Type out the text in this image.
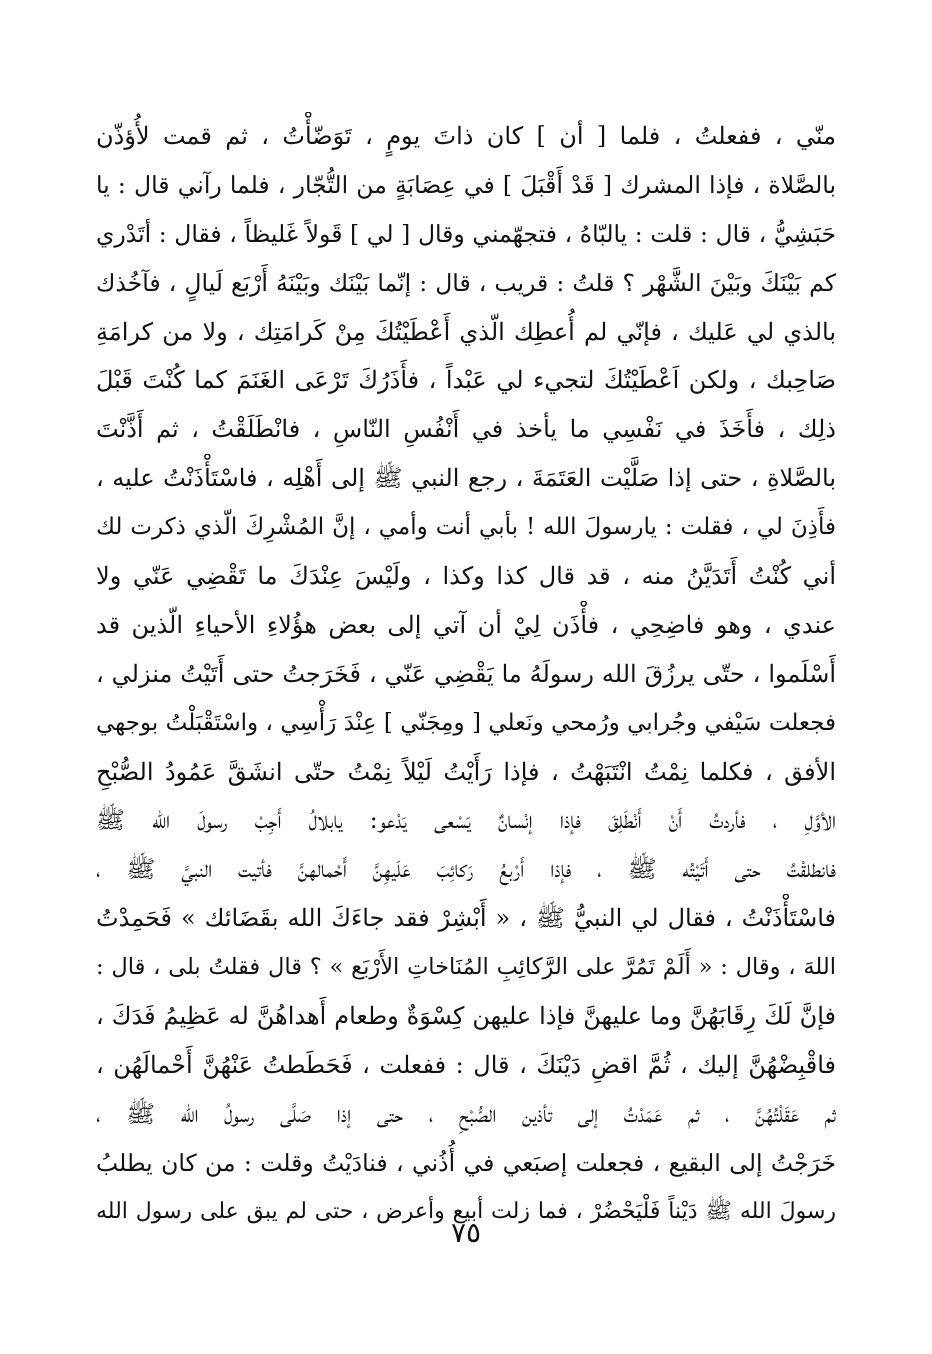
منّي ، ففعلتُ ، فلما [ أن ] كان ذاتَ يومٍ ، تَوَضّأْتُ ، ثم قمت لأُؤذّن
بالصَّلاة ، فإذا المشرك [ قَدْ أَقْبَلَ ] في عِصَابَةٍ من التُّجّار ، فلما رآني قال : يا
حَبَشِيُّ ، قال : قلت : يالبّاهُ ، فتجهّمني وقال [ لي ] قَولاً غَليظاً ، فقال : أتَدْري
كم بَيْنَكَ وبَيْنَ الشَّهْر ؟ قلتُ : قريب ، قال : إنّما بَيْنَك وبَيْنَهُ أَرْبَع لَيالٍ ، فآخُذك
بالذي لي عَليك ، فإنّي لم أُعطِك الّذي أَعْطَيْتُكَ مِنْ كَرامَتِك ، ولا من كرامَةِ
صَاحِبك ، ولكن اَعْطَيْتُكَ لتجيء لي عَبْداً ، فأَذَرُكَ تَرْعَى الغَنَمَ كما كُنْتَ قَبْلَ
ذلِك ، فأَخَذَ في نَفْسِي ما يأخذ في أَنْفُسِ النّاسِ ، فانْطَلَقْتُ ، ثم أَذَّنْتَ
بالصَّلاةِ ، حتى إذا صَلَّيْت العَتَمَةَ ، رجع النبي ﷺ إلى أَهْلِه ، فاسْتَأْذَنْتُ عليه ،
فأَذِنَ لي ، فقلت : يارسولَ الله ! بأبي أنت وأمي ، إنَّ المُشْرِكَ الّذي ذكرت لك
أني كُنْتُ أَتَدَيَّنُ منه ، قد قال كذا وكذا ، ولَيْسَ عِنْدَكَ ما تَقْضِي عَنّي ولا
عندي ، وهو فاضِحِي ، فأْذَن لِيْ أن آتي إلى بعض هؤُلاءِ الأحياءِ الّذين قد
أَسْلَموا ، حتّى يرزُقَ الله رسولَهُ ما يَقْضِي عَنّي ، فَخَرَجتُ حتى أَتَيْتُ منزلي ،
فجعلت سَيْفي وجُرابي ورُمحي ونَعلي [ ومِجَنّي ] عِنْدَ رَأْسِي ، واسْتَقْبَلْتُ بوجهي
الأفق ، فكلما نِمْتُ انْتَبَهْتُ ، فإذا رَأَيْتُ لَيْلاً نِمْتُ حتّى انشَقَّ عَمُودُ الصُّبْحِ
الأوَّلِ ، فأردتُ أَنْ أَنْطَلِقَ فإذا إنْسانٌ يَسْعى يَدْعو: يابلالُ أَجِبْ رسولَ الله ﷺ
فانطلقْتُ حتى أَتَيْتُه ﷺ ، فإذا أَرْبعُ رَكائِبَ عَلَيهِنَّ أَحْمالهنَّ فأتيت النبيَّ ﷺ ،
فاسْتَأْذَنْتُ ، فقال لي النبيُّ ﷺ ، « أَبْشِرْ فقد جاءَكَ الله بقَضَائك » فَحَمِدْتُ
اللهَ ، وقال : « أَلَمْ تَمُرَّ على الرَّكائِبِ المُنَاخاتِ الأَرْبَع » ؟ قال فقلتُ بلى ، قال :
فإنَّ لَكَ رِقَابَهُنَّ وما عليهنَّ فإذا عليهن كِسْوَةٌ وطعام أَهداهُنَّ له عَظِيمُ فَدَكَ ،
فاقْبِضْهُنَّ إليك ، ثُمَّ اقضِ دَيْنَكَ ، قال : ففعلت ، فَحَطَطتُ عَنْهُنَّ أَحْمالَهُن ،
ثم عَقَلْتُهُنَّ ، ثم عَمَدْتُ إلى تأذين الصُّبْحِ ، حتى إذا صَلَّى رسولُ الله ﷺ ،
خَرَجْتُ إلى البقيع ، فجعلت إصبَعي في أُذُني ، فنادَيْتُ وقلت : من كان يطلبُ
رسولَ الله ﷺ دَيْناً فَلْيَحْضُرْ ، فما زلت أبيع وأعرض ، حتى لم يبق على رسول الله
٧٥
